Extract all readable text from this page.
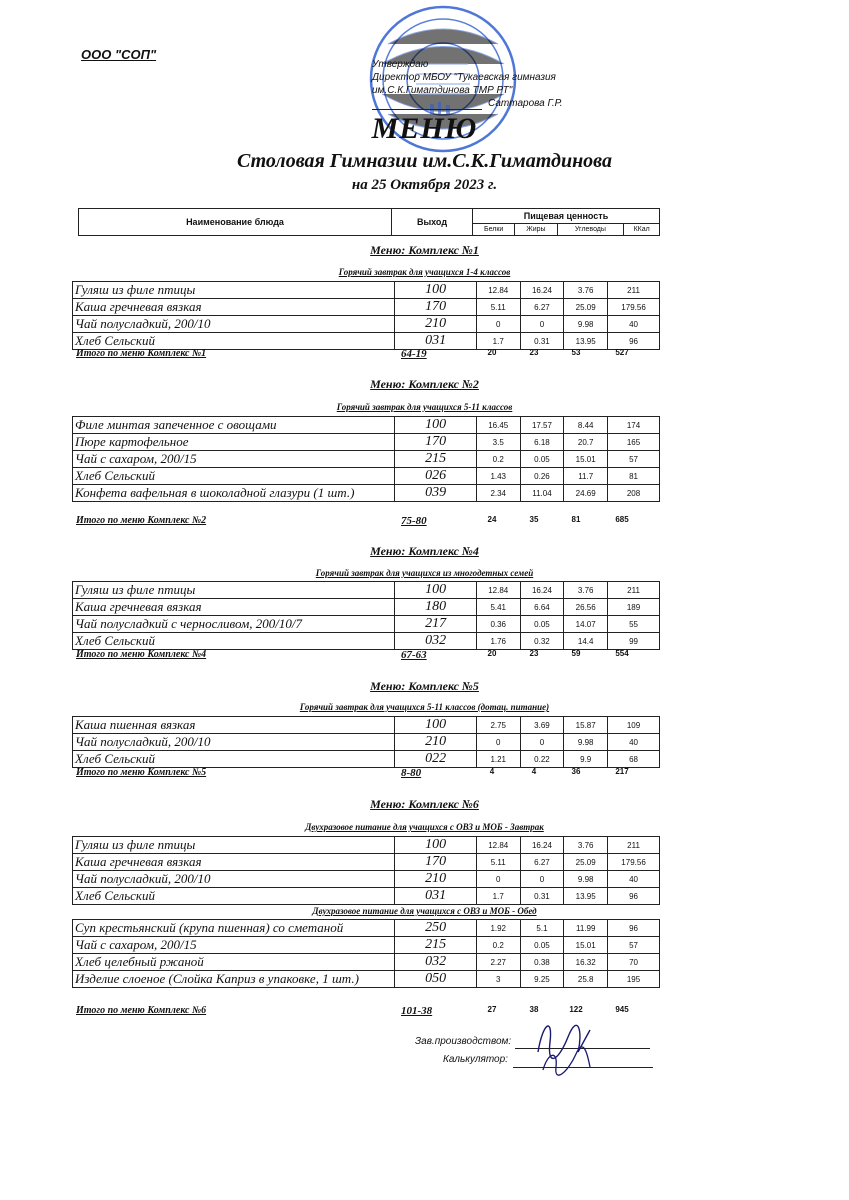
ООО "СОП"
Утверждаю
Директор МБОУ "Тукаевская гимназия
им.С.К.Гиматдинова ТМР РТ"
Саттарова Г.Р.
МЕНЮ
Столовая Гимназии им.С.К.Гиматдинова
на 25 Октября 2023 г.
Наименование блюда	Выход	Пищевая ценность			
		Белки	Жиры	Углеводы	ККал
Меню: Комплекс №1
Горячий завтрак для учащихся 1-4 классов
Гуляш из филе птицы	100	12.84	16.24	3.76	211
Каша гречневая вязкая	170	5.11	6.27	25.09	179.56
Чай полусладкий, 200/10	210	0	0	9.98	40
Хлеб Сельский	031	1.7	0.31	13.95	96
Итого по меню Комплекс №1	64-19	20	23	53	527
Меню: Комплекс №2
Горячий завтрак для учащихся 5-11 классов
Филе минтая запеченное с овощами	100	16.45	17.57	8.44	174
Пюре картофельное	170	3.5	6.18	20.7	165
Чай с сахаром, 200/15	215	0.2	0.05	15.01	57
Хлеб Сельский	026	1.43	0.26	11.7	81
Конфета вафельная в шоколадной глазури (1 шт.)	039	2.34	11.04	24.69	208
Итого по меню Комплекс №2	75-80	24	35	81	685
Меню: Комплекс №4
Горячий завтрак для учащихся из многодетных семей
Гуляш из филе птицы	100	12.84	16.24	3.76	211
Каша гречневая вязкая	180	5.41	6.64	26.56	189
Чай полусладкий с черносливом, 200/10/7	217	0.36	0.05	14.07	55
Хлеб Сельский	032	1.76	0.32	14.4	99
Итого по меню Комплекс №4	67-63	20	23	59	554
Меню: Комплекс №5
Горячий завтрак для учащихся 5-11 классов (дотац. питание)
Каша пшенная вязкая	100	2.75	3.69	15.87	109
Чай полусладкий, 200/10	210	0	0	9.98	40
Хлеб Сельский	022	1.21	0.22	9.9	68
Итого по меню Комплекс №5	8-80	4	4	36	217
Меню: Комплекс №6
Двухразовое питание для учащихся с ОВЗ и МОБ - Завтрак
Гуляш из филе птицы	100	12.84	16.24	3.76	211
Каша гречневая вязкая	170	5.11	6.27	25.09	179.56
Чай полусладкий, 200/10	210	0	0	9.98	40
Хлеб Сельский	031	1.7	0.31	13.95	96
Двухразовое питание для учащихся с ОВЗ и МОБ - Обед
Суп крестьянский (крупа пшенная) со сметаной	250	1.92	5.1	11.99	96
Чай с сахаром, 200/15	215	0.2	0.05	15.01	57
Хлеб целебный ржаной	032	2.27	0.38	16.32	70
Изделие слоеное (Слойка Каприз в упаковке, 1 шт.)	050	3	9.25	25.8	195
Итого по меню Комплекс №6	101-38	27	38	122	945
Зав.производством:
Калькулятор:
